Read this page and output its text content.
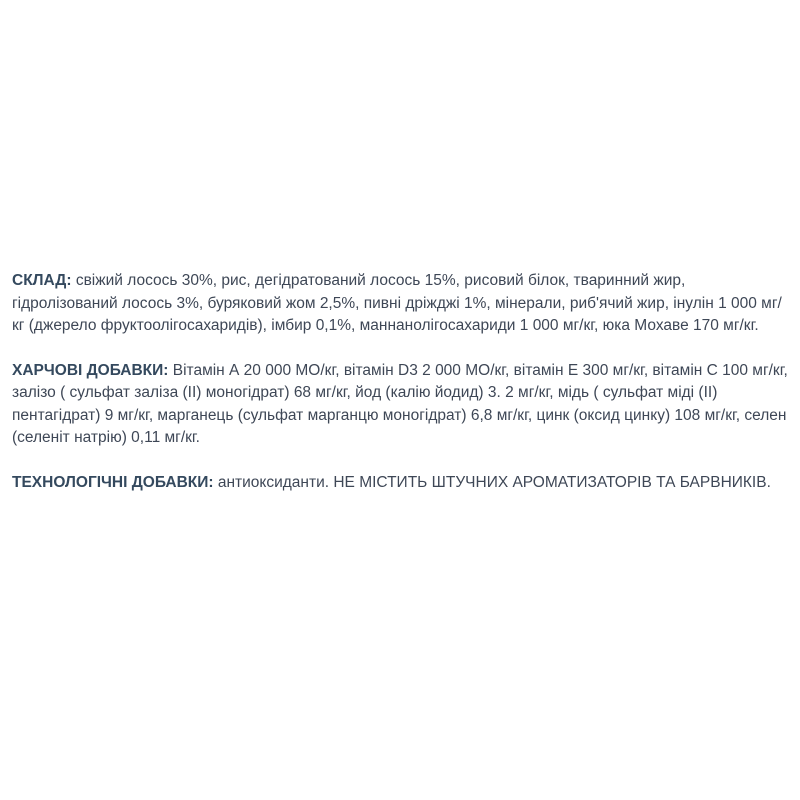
СКЛАД: свіжий лосось 30%, рис, дегідратований лосось 15%, рисовий білок, тваринний жир, гідролізований лосось 3%, буряковий жом 2,5%, пивні дріжджі 1%, мінерали, риб'ячий жир, інулін 1 000 мг/кг (джерело фруктоолігосахаридів), імбир 0,1%, маннанолігосахариди 1 000 мг/кг, юка Мохаве 170 мг/кг.

ХАРЧОВІ ДОБАВКИ: Вітамін А 20 000 МО/кг, вітамін D3 2 000 МО/кг, вітамін Е 300 мг/кг, вітамін С 100 мг/кг, залізо ( сульфат заліза (ІІ) моногідрат) 68 мг/кг, йод (калію йодид) 3. 2 мг/кг, мідь ( сульфат міді (ІІ) пентагідрат) 9 мг/кг, марганець (сульфат марганцю моногідрат) 6,8 мг/кг, цинк (оксид цинку) 108 мг/кг, селен (селеніт натрію) 0,11 мг/кг.

ТЕХНОЛОГІЧНІ ДОБАВКИ: антиоксиданти. НЕ МІСТИТЬ ШТУЧНИХ АРОМАТИЗАТОРІВ ТА БАРВНИКІВ.
